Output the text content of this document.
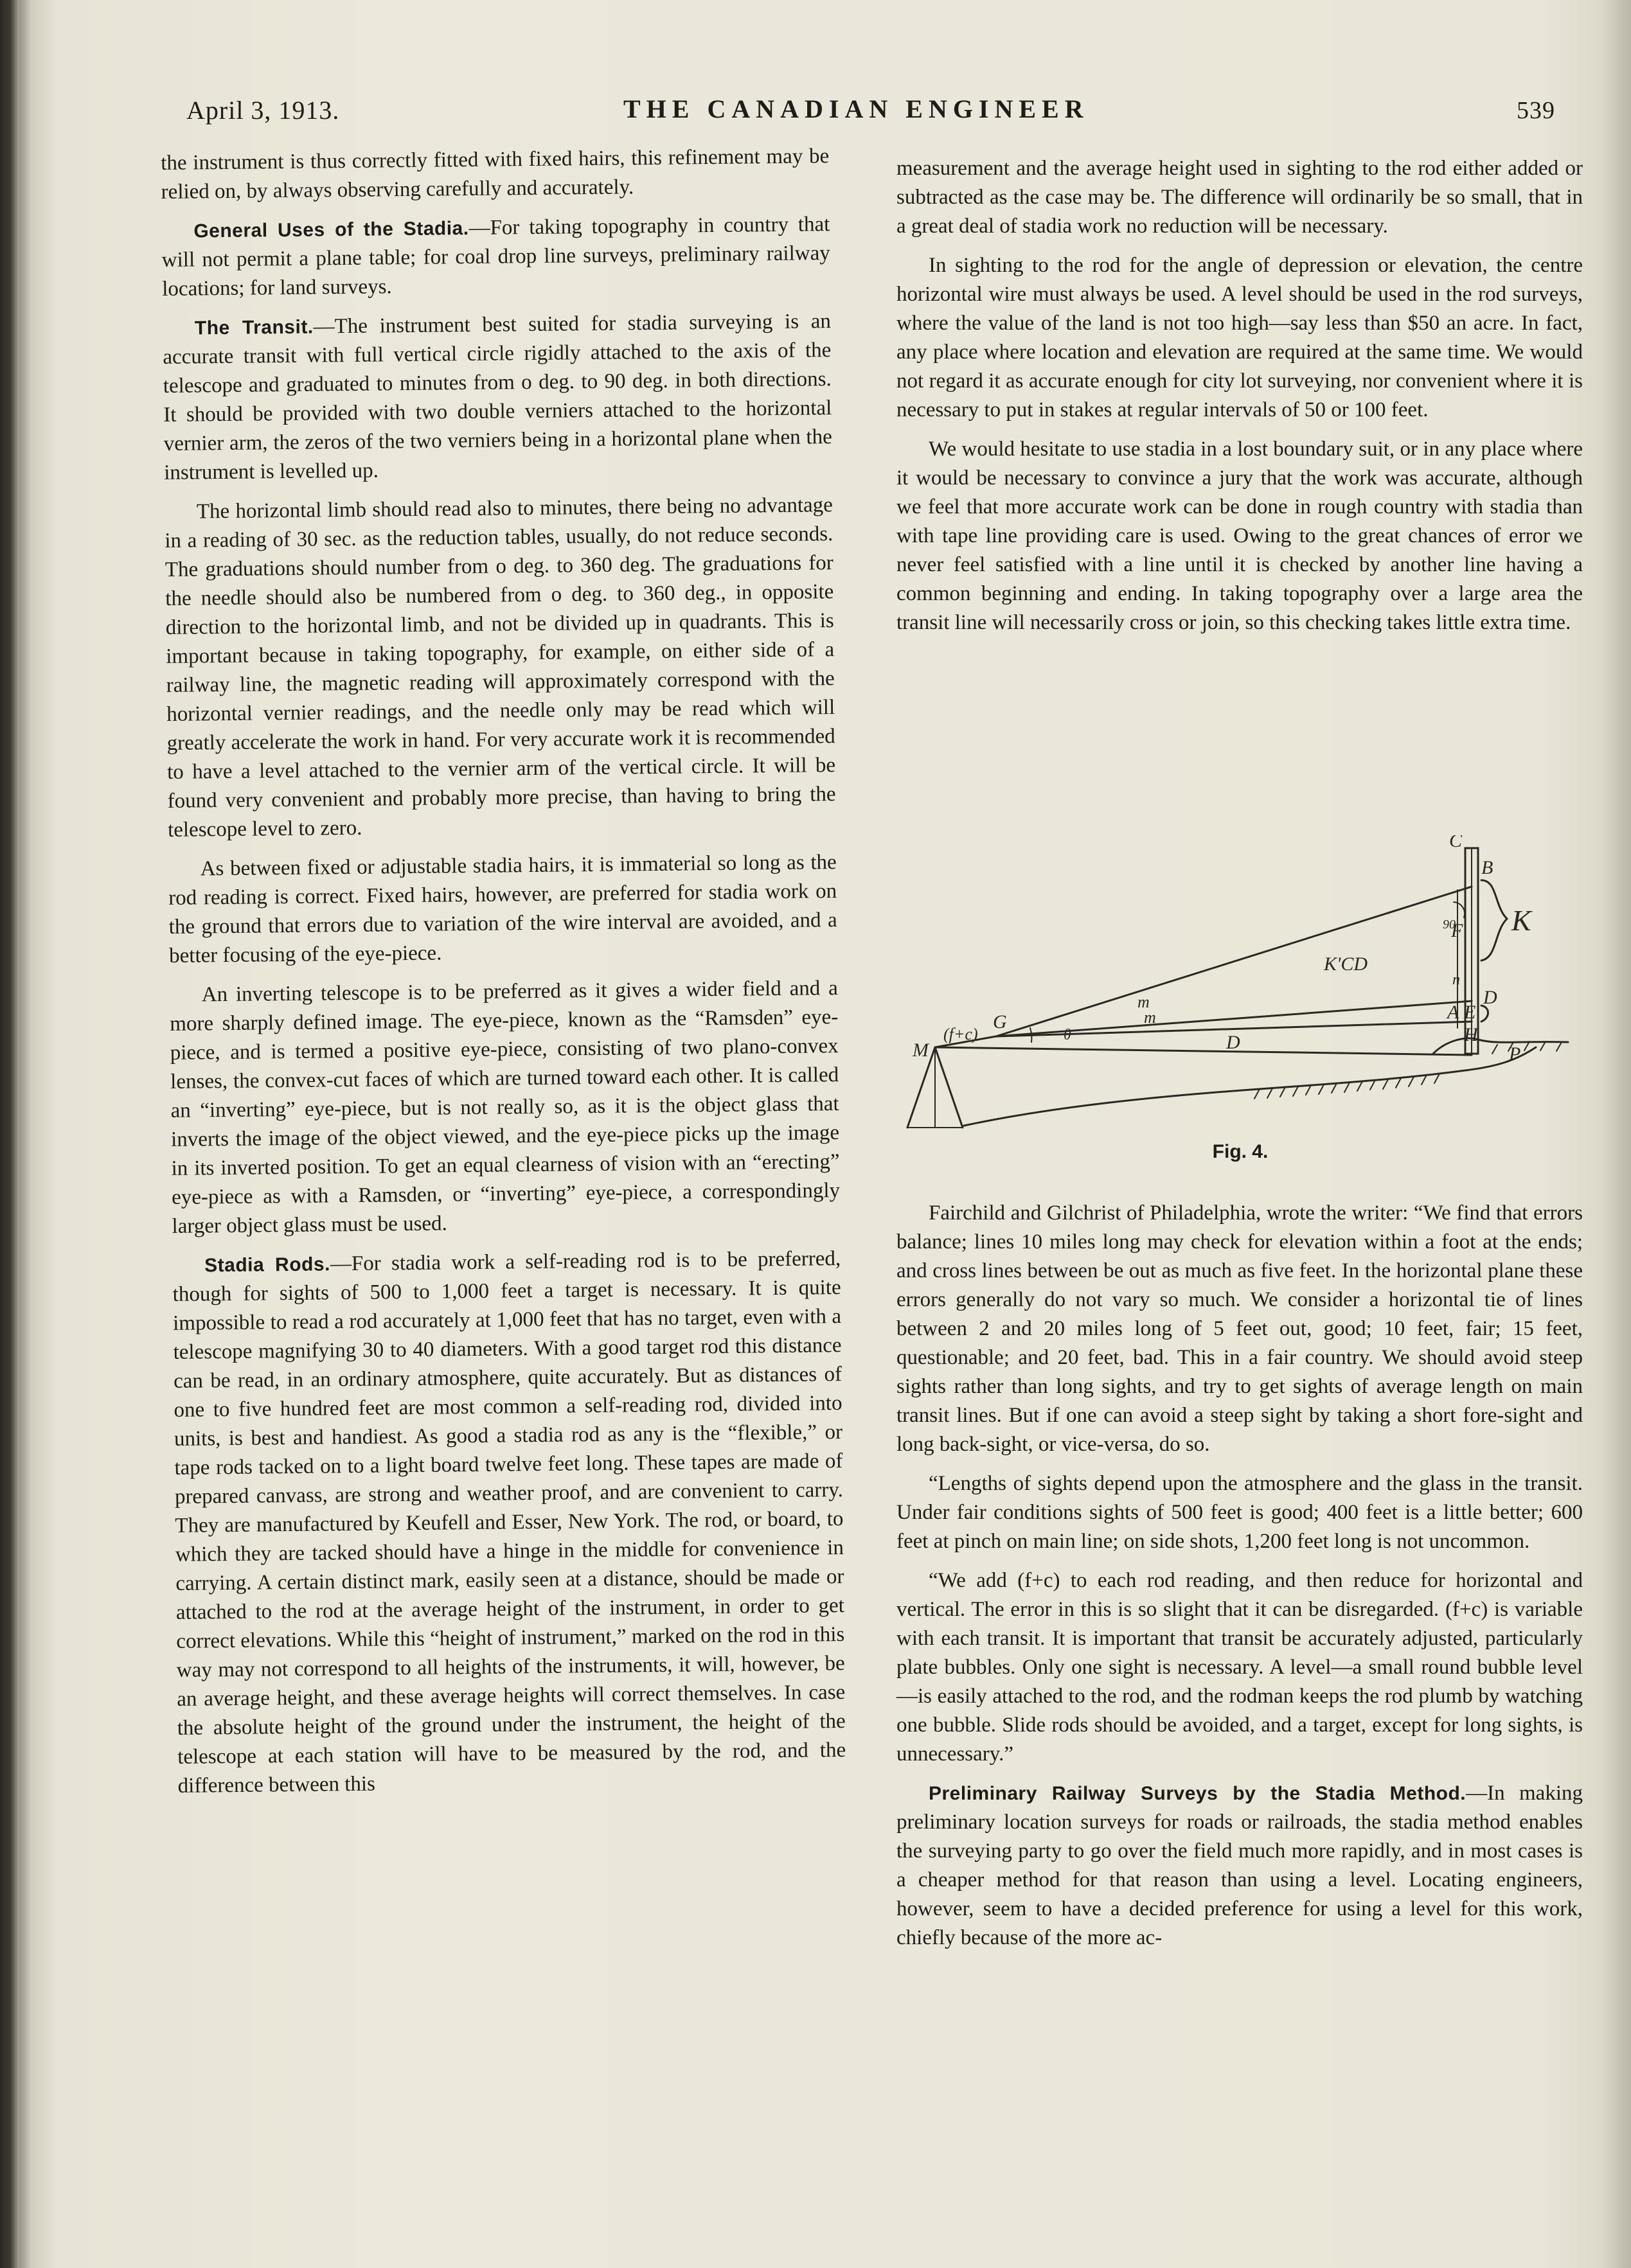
April 3, 1913.	THE CANADIAN ENGINEER	539

the instrument is thus correctly fitted with fixed hairs, this refinement may be relied on, by always observing carefully and accurately.

General Uses of the Stadia.—For taking topography in country that will not permit a plane table; for coal drop line surveys, preliminary railway locations; for land surveys.

The Transit.—The instrument best suited for stadia surveying is an accurate transit with full vertical circle rigidly attached to the axis of the telescope and graduated to minutes from o deg. to 90 deg. in both directions. It should be provided with two double verniers attached to the horizontal vernier arm, the zeros of the two verniers being in a horizontal plane when the instrument is levelled up.

The horizontal limb should read also to minutes, there being no advantage in a reading of 30 sec. as the reduction tables, usually, do not reduce seconds. The graduations should number from o deg. to 360 deg. The graduations for the needle should also be numbered from o deg. to 360 deg., in opposite direction to the horizontal limb, and not be divided up in quadrants. This is important because in taking topography, for example, on either side of a railway line, the magnetic reading will approximately correspond with the horizontal vernier readings, and the needle only may be read which will greatly accelerate the work in hand. For very accurate work it is recommended to have a level attached to the vernier arm of the vertical circle. It will be found very convenient and probably more precise, than having to bring the telescope level to zero.

As between fixed or adjustable stadia hairs, it is immaterial so long as the rod reading is correct. Fixed hairs, however, are preferred for stadia work on the ground that errors due to variation of the wire interval are avoided, and a better focusing of the eye-piece.

An inverting telescope is to be preferred as it gives a wider field and a more sharply defined image. The eye-piece, known as the “Ramsden” eye-piece, and is termed a positive eye-piece, consisting of two plano-convex lenses, the convex-cut faces of which are turned toward each other. It is called an “inverting” eye-piece, but is not really so, as it is the object glass that inverts the image of the object viewed, and the eye-piece picks up the image in its inverted position. To get an equal clearness of vision with an “erecting” eye-piece as with a Ramsden, or “inverting” eye-piece, a correspondingly larger object glass must be used.

Stadia Rods.—For stadia work a self-reading rod is to be preferred, though for sights of 500 to 1,000 feet a target is necessary. It is quite impossible to read a rod accurately at 1,000 feet that has no target, even with a telescope magnifying 30 to 40 diameters. With a good target rod this distance can be read, in an ordinary atmosphere, quite accurately. But as distances of one to five hundred feet are most common a self-reading rod, divided into units, is best and handiest. As good a stadia rod as any is the “flexible,” or tape rods tacked on to a light board twelve feet long. These tapes are made of prepared canvass, are strong and weather proof, and are convenient to carry. They are manufactured by Keufell and Esser, New York. The rod, or board, to which they are tacked should have a hinge in the middle for convenience in carrying. A certain distinct mark, easily seen at a distance, should be made or attached to the rod at the average height of the instrument, in order to get correct elevations. While this “height of instrument,” marked on the rod in this way may not correspond to all heights of the instruments, it will, however, be an average height, and these average heights will correct themselves. In case the absolute height of the ground under the instrument, the height of the telescope at each station will have to be measured by the rod, and the difference between this

measurement and the average height used in sighting to the rod either added or subtracted as the case may be. The difference will ordinarily be so small, that in a great deal of stadia work no reduction will be necessary.

In sighting to the rod for the angle of depression or elevation, the centre horizontal wire must always be used. A level should be used in the rod surveys, where the value of the land is not too high—say less than $50 an acre. In fact, any place where location and elevation are required at the same time. We would not regard it as accurate enough for city lot surveying, nor convenient where it is necessary to put in stakes at regular intervals of 50 or 100 feet.

We would hesitate to use stadia in a lost boundary suit, or in any place where it would be necessary to convince a jury that the work was accurate, although we feel that more accurate work can be done in rough country with stadia than with tape line providing care is used. Owing to the great chances of error we never feel satisfied with a line until it is checked by another line having a common beginning and ending. In taking topography over a large area the transit line will necessarily cross or join, so this checking takes little extra time.

C
B
K
90
F
n
A E
D
H
P
M
G
(f+c)
K'CD
m
m
θ	D
Fig. 4.

Fairchild and Gilchrist of Philadelphia, wrote the writer: “We find that errors balance; lines 10 miles long may check for elevation within a foot at the ends; and cross lines between be out as much as five feet. In the horizontal plane these errors generally do not vary so much. We consider a horizontal tie of lines between 2 and 20 miles long of 5 feet out, good; 10 feet, fair; 15 feet, questionable; and 20 feet, bad. This in a fair country. We should avoid steep sights rather than long sights, and try to get sights of average length on main transit lines. But if one can avoid a steep sight by taking a short fore-sight and long back-sight, or vice-versa, do so.

“Lengths of sights depend upon the atmosphere and the glass in the transit. Under fair conditions sights of 500 feet is good; 400 feet is a little better; 600 feet at pinch on main line; on side shots, 1,200 feet long is not uncommon.

“We add (f+c) to each rod reading, and then reduce for horizontal and vertical. The error in this is so slight that it can be disregarded. (f+c) is variable with each transit. It is important that transit be accurately adjusted, particularly plate bubbles. Only one sight is necessary. A level—a small round bubble level—is easily attached to the rod, and the rodman keeps the rod plumb by watching one bubble. Slide rods should be avoided, and a target, except for long sights, is unnecessary.”

Preliminary Railway Surveys by the Stadia Method.—In making preliminary location surveys for roads or railroads, the stadia method enables the surveying party to go over the field much more rapidly, and in most cases is a cheaper method for that reason than using a level. Locating engineers, however, seem to have a decided preference for using a level for this work, chiefly because of the more ac-
